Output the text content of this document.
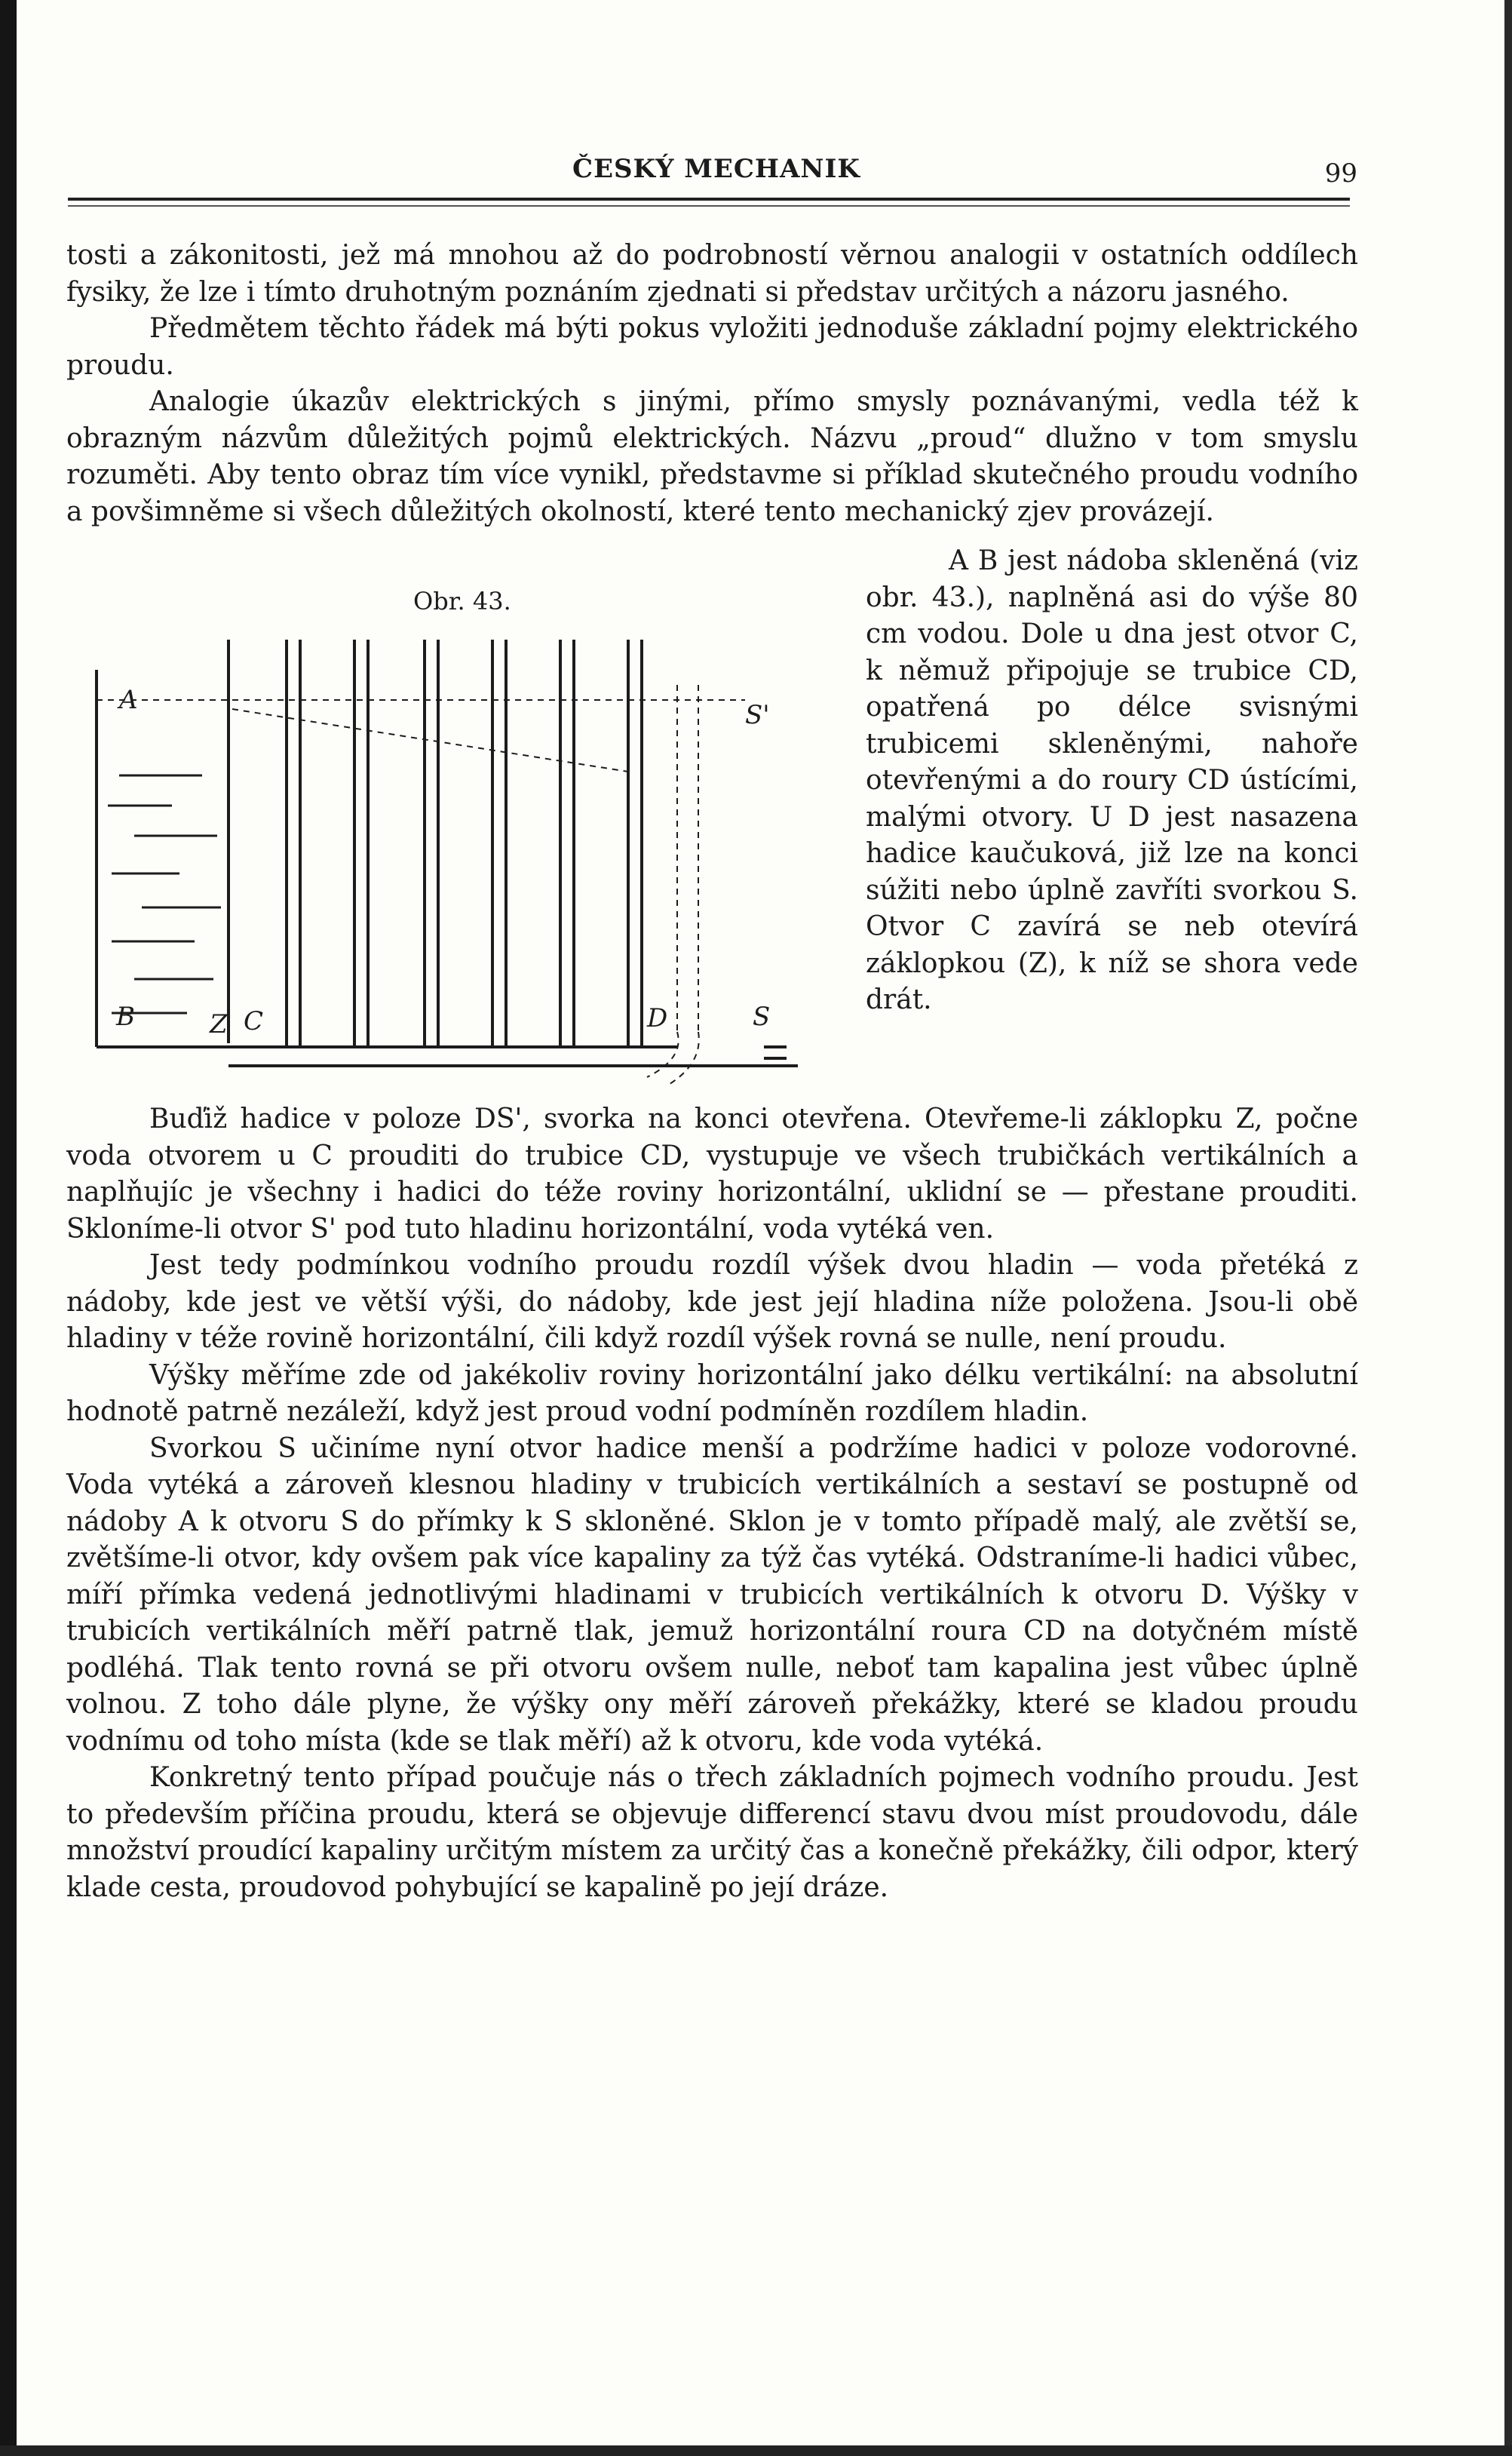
ČESKÝ MECHANIK	99

tosti a zákonitosti, jež má mnohou až do podrobností věrnou analogii v ostatních oddílech fysiky, že lze i tímto druhotným poznáním zjednati si představ určitých a názoru jasného.

Předmětem těchto řádek má býti pokus vyložiti jednoduše základní pojmy elektrického proudu.

Analogie úkazův elektrických s jinými, přímo smysly poznávanými, vedla též k obrazným názvům důležitých pojmů elektrických. Názvu „proud“ dlužno v tom smyslu rozuměti. Aby tento obraz tím více vynikl, představme si příklad skutečného proudu vodního a povšimněme si všech důležitých okolností, které tento mechanický zjev provázejí.

Obr. 43.
A
B	Z C	D
S'
S

A B jest nádoba skleněná (viz obr. 43.), naplněná asi do výše 80 cm vodou. Dole u dna jest otvor C, k němuž připojuje se trubice CD, opatřená po délce svisnými trubicemi skleněnými, nahoře otevřenými a do roury CD ústícími, malými otvory. U D jest nasazena hadice kaučuková, již lze na konci súžiti nebo úplně zavříti svorkou S. Otvor C zavírá se neb otevírá záklopkou (Z), k níž se shora vede drát.

Buďiž hadice v poloze DS', svorka na konci otevřena. Otevřeme-li záklopku Z, počne voda otvorem u C prouditi do trubice CD, vystupuje ve všech trubičkách vertikálních a naplňujíc je všechny i hadici do téže roviny horizontální, uklidní se — přestane prouditi. Skloníme-li otvor S' pod tuto hladinu horizontální, voda vytéká ven.

Jest tedy podmínkou vodního proudu rozdíl výšek dvou hladin — voda přetéká z nádoby, kde jest ve větší výši, do nádoby, kde jest její hladina níže položena. Jsou-li obě hladiny v téže rovině horizontální, čili když rozdíl výšek rovná se nulle, není proudu.

Výšky měříme zde od jakékoliv roviny horizontální jako délku vertikální: na absolutní hodnotě patrně nezáleží, když jest proud vodní podmíněn rozdílem hladin.

Svorkou S učiníme nyní otvor hadice menší a podržíme hadici v poloze vodorovné. Voda vytéká a zároveň klesnou hladiny v trubicích vertikálních a sestaví se postupně od nádoby A k otvoru S do přímky k S skloněné. Sklon je v tomto případě malý, ale zvětší se, zvětšíme-li otvor, kdy ovšem pak více kapaliny za týž čas vytéká. Odstraníme-li hadici vůbec, míří přímka vedená jednotlivými hladinami v trubicích vertikálních k otvoru D. Výšky v trubicích vertikálních měří patrně tlak, jemuž horizontální roura CD na dotyčném místě podléhá. Tlak tento rovná se při otvoru ovšem nulle, neboť tam kapalina jest vůbec úplně volnou. Z toho dále plyne, že výšky ony měří zároveň překážky, které se kladou proudu vodnímu od toho místa (kde se tlak měří) až k otvoru, kde voda vytéká.

Konkretný tento případ poučuje nás o třech základních pojmech vodního proudu. Jest to především příčina proudu, která se objevuje differencí stavu dvou míst proudovodu, dále množství proudící kapaliny určitým místem za určitý čas a konečně překážky, čili odpor, který klade cesta, proudovod pohybující se kapalině po její dráze.
